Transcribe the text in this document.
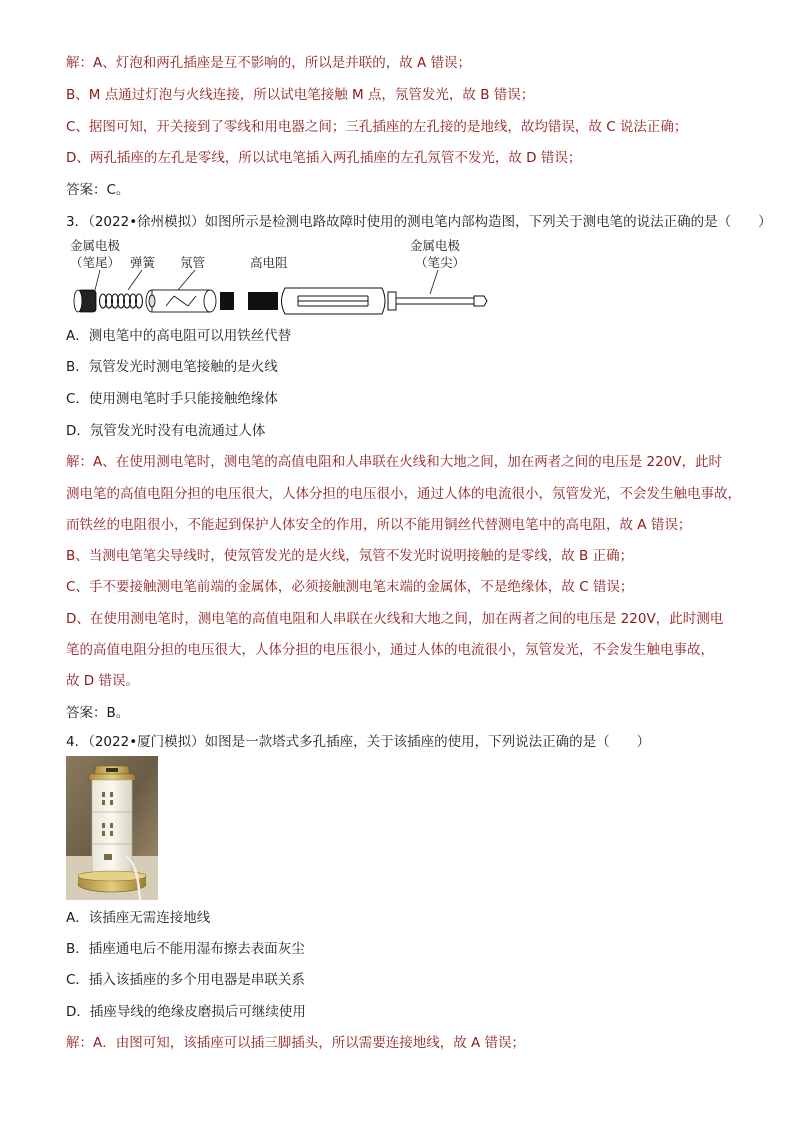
解：A、灯泡和两孔插座是互不影响的，所以是并联的，故 A 错误；
B、M 点通过灯泡与火线连接，所以试电笔接触 M 点，氖管发光，故 B 错误；
C、据图可知，开关接到了零线和用电器之间；三孔插座的左孔接的是地线，故均错误，故 C 说法正确；
D、两孔插座的左孔是零线，所以试电笔插入两孔插座的左孔氖管不发光，故 D 错误；
答案：C。
3．（2022•徐州模拟）如图所示是检测电路故障时使用的测电笔内部构造图，下列关于测电笔的说法正确的是（　　）
金属电极
（笔尾） 弹簧 氖管	高电阻
金属电极
（笔尖）
A．测电笔中的高电阻可以用铁丝代替
B．氖管发光时测电笔接触的是火线
C．使用测电笔时手只能接触绝缘体
D．氖管发光时没有电流通过人体
解：A、在使用测电笔时，测电笔的高值电阻和人串联在火线和大地之间，加在两者之间的电压是 220V，此时
测电笔的高值电阻分担的电压很大，人体分担的电压很小，通过人体的电流很小，氖管发光，不会发生触电事故，
而铁丝的电阻很小，不能起到保护人体安全的作用，所以不能用铜丝代替测电笔中的高电阻，故 A 错误；
B、当测电笔笔尖导线时，使氖管发光的是火线，氖管不发光时说明接触的是零线，故 B 正确；
C、手不要接触测电笔前端的金属体，必须接触测电笔末端的金属体，不是绝缘体，故 C 错误；
D、在使用测电笔时，测电笔的高值电阻和人串联在火线和大地之间，加在两者之间的电压是 220V，此时测电
笔的高值电阻分担的电压很大，人体分担的电压很小，通过人体的电流很小，氖管发光，不会发生触电事故，
故 D 错误。
答案：B。
4．（2022•厦门模拟）如图是一款塔式多孔插座，关于该插座的使用，下列说法正确的是（　　）
A．该插座无需连接地线
B．插座通电后不能用湿布擦去表面灰尘
C．插入该插座的多个用电器是串联关系
D．插座导线的绝缘皮磨损后可继续使用
解：A．由图可知，该插座可以插三脚插头，所以需要连接地线，故 A 错误；
